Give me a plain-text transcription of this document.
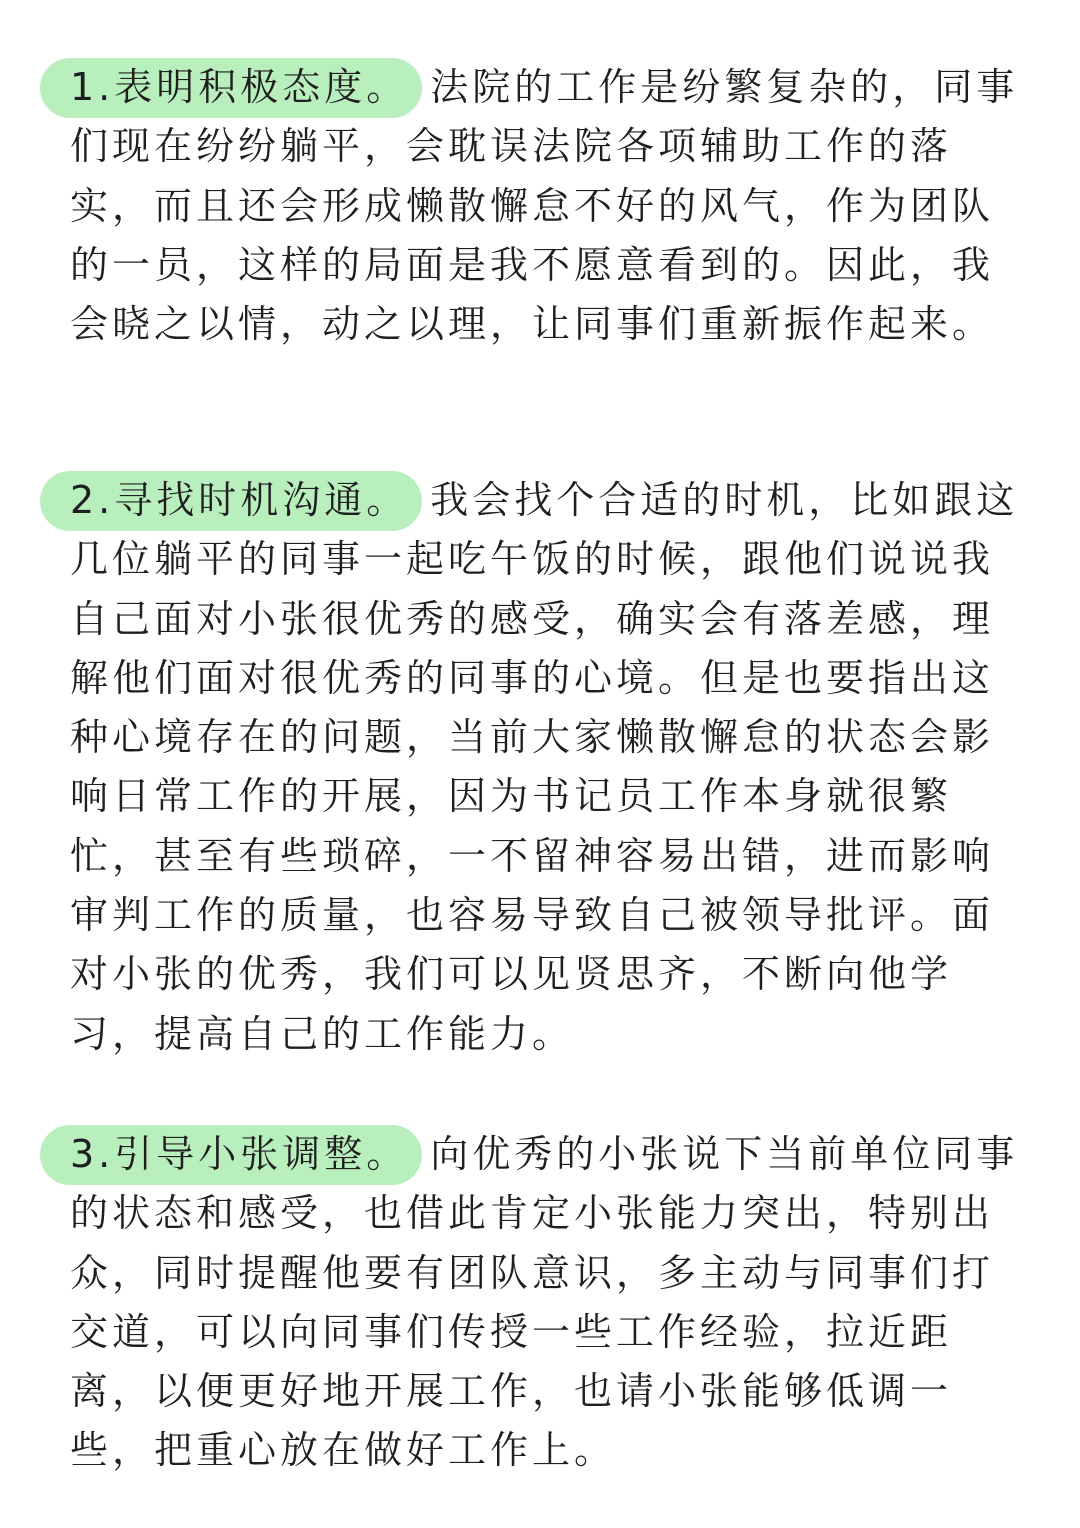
1.表明积极态度。 法院的工作是纷繁复杂的，同事们现在纷纷躺平，会耽误法院各项辅助工作的落实，而且还会形成懒散懈怠不好的风气，作为团队的一员，这样的局面是我不愿意看到的。因此，我会晓之以情，动之以理，让同事们重新振作起来。

2.寻找时机沟通。 我会找个合适的时机，比如跟这几位躺平的同事一起吃午饭的时候，跟他们说说我自己面对小张很优秀的感受，确实会有落差感，理解他们面对很优秀的同事的心境。但是也要指出这种心境存在的问题，当前大家懒散懈怠的状态会影响日常工作的开展，因为书记员工作本身就很繁忙，甚至有些琐碎，一不留神容易出错，进而影响审判工作的质量，也容易导致自己被领导批评。面对小张的优秀，我们可以见贤思齐，不断向他学习，提高自己的工作能力。

3.引导小张调整。 向优秀的小张说下当前单位同事的状态和感受，也借此肯定小张能力突出，特别出众，同时提醒他要有团队意识，多主动与同事们打交道，可以向同事们传授一些工作经验，拉近距离，以便更好地开展工作，也请小张能够低调一些，把重心放在做好工作上。
